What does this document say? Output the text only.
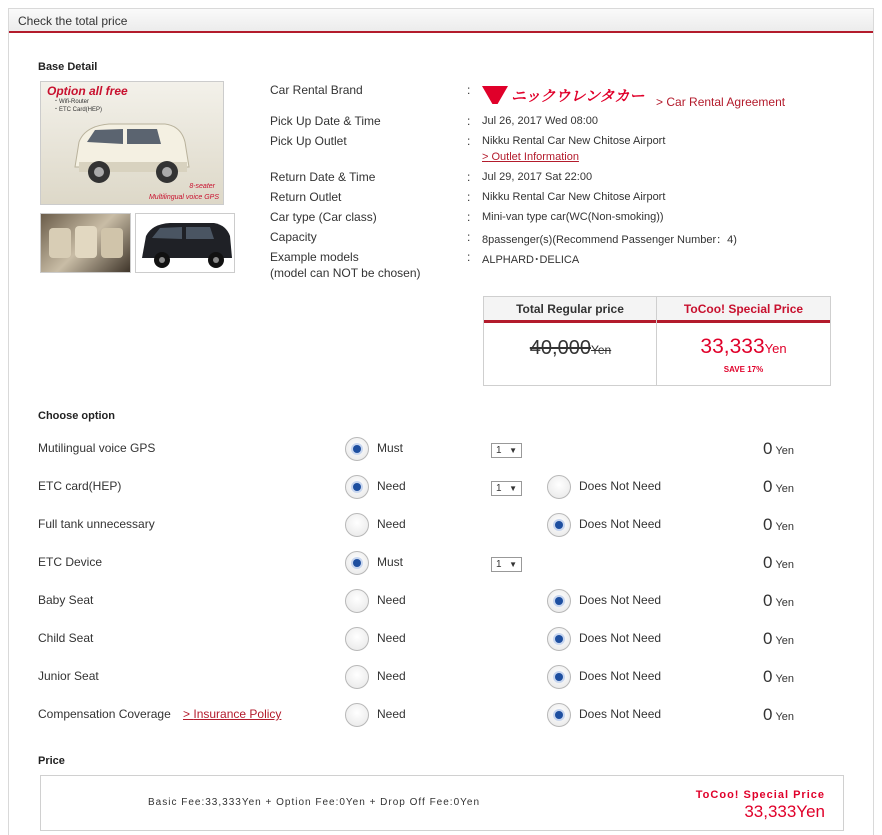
Check the total price
Base Detail
Option all free
・Wifi-Router
・ETC Card(HEP)
8-seater
Multilingual voice GPS
Car Rental Brand	:	ニックウレンタカー > Car Rental Agreement
Pick Up Date & Time	: Jul 26, 2017 Wed 08:00
Pick Up Outlet	: Nikku Rental Car New Chitose Airport
> Outlet Information
Return Date & Time	: Jul 29, 2017 Sat 22:00
Return Outlet	: Nikku Rental Car New Chitose Airport
Car type (Car class)	: Mini-van type car(WC(Non-smoking))
Capacity	: 8passenger(s)(Recommend Passenger Number：4)
Example models
(model can NOT be chosen)
: ALPHARD･DELICA
Total Regular price
40,000Yen
ToCoo! Special Price
33,333Yen
SAVE 17%
Choose option
Mutilingual voice GPS	Must	1 ▼	0 Yen
ETC card(HEP)	Need	1 ▼	Does Not Need	0 Yen
Full tank unnecessary	Need	Does Not Need	0 Yen
ETC Device	Must	1 ▼	0 Yen
Baby Seat	Need	Does Not Need	0 Yen
Child Seat	Need	Does Not Need	0 Yen
Junior Seat	Need	Does Not Need	0 Yen
Compensation Coverage > Insurance Policy	Need	Does Not Need	0 Yen
Price
Basic Fee:33,333Yen + Option Fee:0Yen + Drop Off Fee:0Yen
ToCoo! Special Price
33,333Yen
